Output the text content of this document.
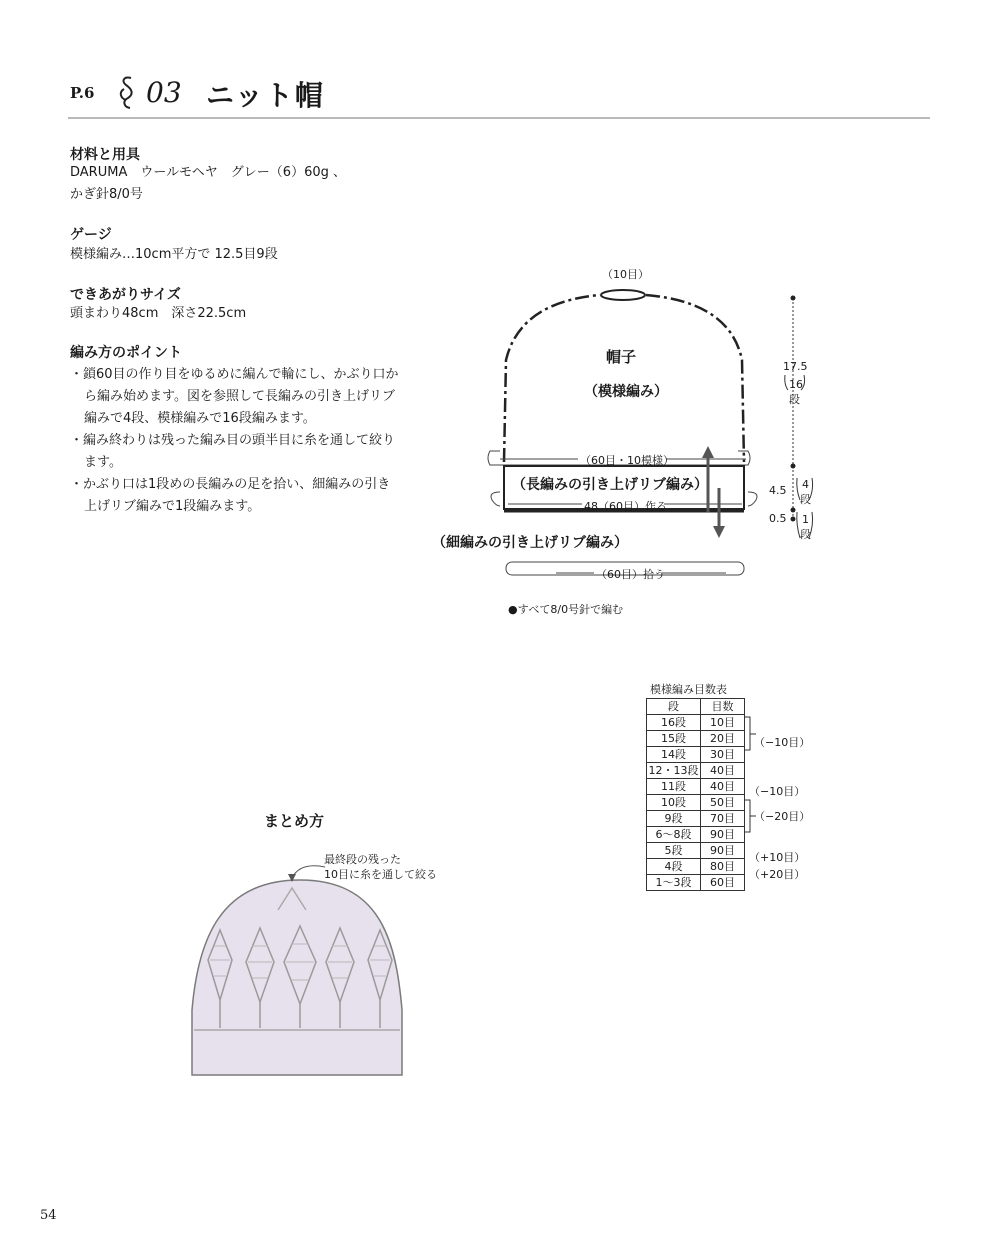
P.6 03 ニット帽
材料と用具
DARUMA　ウールモヘヤ　グレー（6）60g 、
かぎ針8/0号
ゲージ
模様編み…10cm平方で 12.5目9段
できあがりサイズ
頭まわり48cm　深さ22.5cm
編み方のポイント
・鎖60目の作り目をゆるめに編んで輪にし、かぶり口から編み始めます。図を参照して長編みの引き上げリブ編みで4段、模様編みで16段編みます。
・編み終わりは残った編み目の頭半目に糸を通して絞ります。
・かぶり口は1段めの長編みの足を拾い、細編みの引き上げリブ編みで1段編みます。
（10目）
帽子
（模様編み）
（60目・10模様）
（長編みの引き上げリブ編み）
48（60目）作る
（細編みの引き上げリブ編み）
（60目）拾う
●すべて8/0号針で編む
17.5
16
段
4.5 4
段
0.5 1
段
模様編み目数表
段	目数
16段	10目
15段	20目
14段	30目
12・13段	40目
11段	40目
10段	50目
9段	70目
6〜8段	90目
5段	90目
4段	80目
1〜3段	60目
（−10目）
（−10目）
（−20目）
（+10目）
（+20目）
まとめ方
最終段の残った
10目に糸を通して絞る
54
